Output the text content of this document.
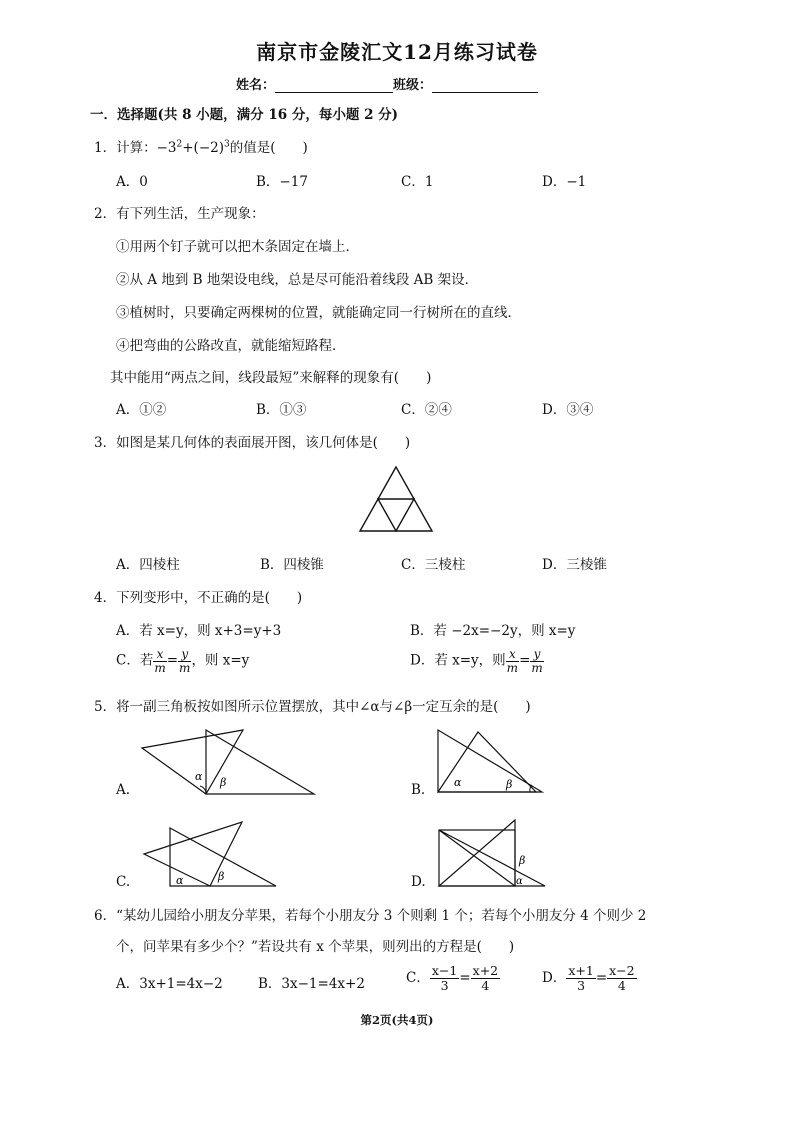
南京市金陵汇文12月练习试卷
姓名：	班级：
一．选择题(共 8 小题，满分 16 分，每小题 2 分)
1．计算：$-3^2+(-2)^3$的值是(　　)
A．0	B．−17	C．1	D．−1
2．有下列生活，生产现象：
①用两个钉子就可以把木条固定在墙上．
②从 A 地到 B 地架设电线，总是尽可能沿着线段 AB 架设．
③植树时，只要确定两棵树的位置，就能确定同一行树所在的直线．
④把弯曲的公路改直，就能缩短路程．
其中能用“两点之间，线段最短”来解释的现象有(　　)
A．①②	B．①③	C．②④	D．③④
3．如图是某几何体的表面展开图，该几何体是(　　)
A．四棱柱	B．四棱锥	C．三棱柱	D．三棱锥
4．下列变形中，不正确的是(　　)
A．若 x=y，则 x+3=y+3	B．若 −2x=−2y，则 x=y
C．若 $\frac{x}{m} = \frac{y}{m}$ ，则 x=y	D．若 x=y，则 $\frac{x}{m} = \frac{y}{m}$
5．将一副三角板按如图所示位置摆放，其中∠α与∠β一定互余的是(　　)
α β
A.	α	β
B.
α	β
C.
β
α
D.
6．“某幼儿园给小朋友分苹果，若每个小朋友分 3 个则剩 1 个；若每个小朋友分 4 个则少 2
个，问苹果有多少个？”若设共有 x 个苹果，则列出的方程是(　　)
A．3x+1=4x−2	B．3x−1=4x+2	C． $\frac{x-1}{3} = \frac{x+2}{4}$	D． $\frac{x+1}{3} = \frac{x-2}{4}$
第2页(共4页)
